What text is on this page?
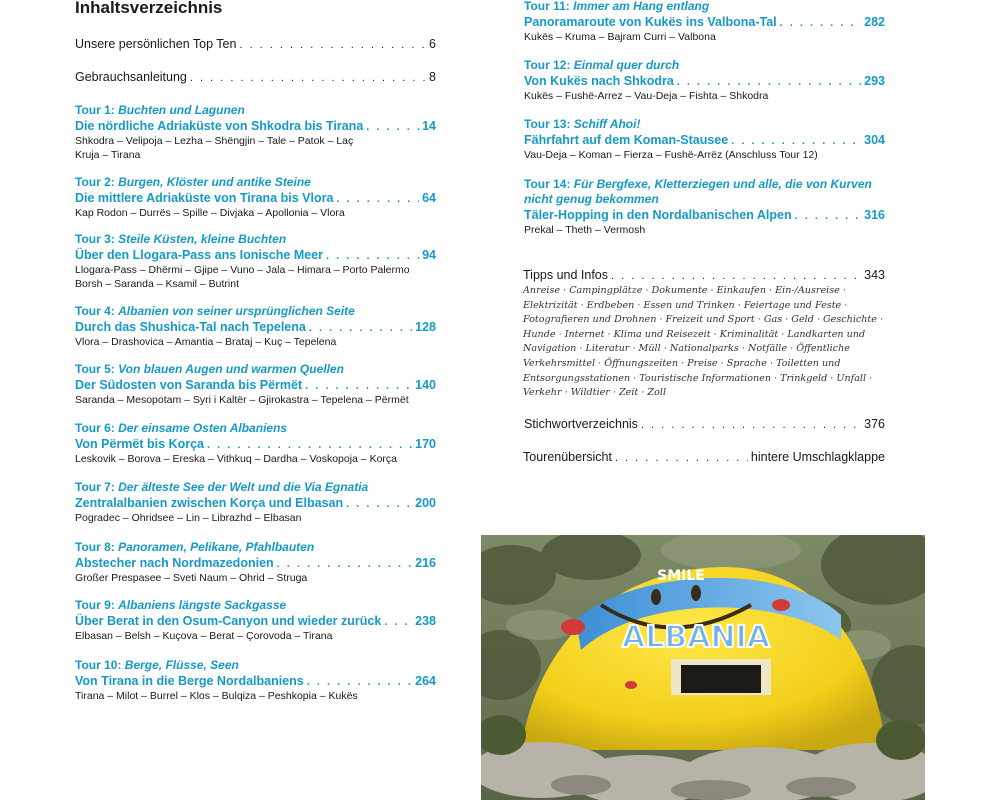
Inhaltsverzeichnis
Unsere persönlichen Top Ten . . .	6
Gebrauchsanleitung . . .	8
Tour 1: Buchten und Lagunen
Die nördliche Adriaküste von Shkodra bis Tirana . . .	14
Shkodra – Velipoja – Lezha – Shëngjin – Tale – Patok – Laç
Kruja – Tirana
Tour 2: Burgen, Klöster und antike Steine
Die mittlere Adriaküste von Tirana bis Vlora . . .	64
Kap Rodon – Durrës – Spille – Divjaka – Apollonia – Vlora
Tour 3: Steile Küsten, kleine Buchten
Über den Llogara-Pass ans Ionische Meer . . .	94
Llogara-Pass – Dhërmi – Gjipe – Vuno – Jala – Himara – Porto Palermo
Borsh – Saranda – Ksamil – Butrint
Tour 4: Albanien von seiner ursprünglichen Seite
Durch das Shushica-Tal nach Tepelena . . .	128
Vlora – Drashovica – Amantia – Brataj – Kuç – Tepelena
Tour 5: Von blauen Augen und warmen Quellen
Der Südosten von Saranda bis Përmët . . .	140
Saranda – Mesopotam – Syri i Kaltër – Gjirokastra – Tepelena – Përmët
Tour 6: Der einsame Osten Albaniens
Von Përmët bis Korça . . .	170
Leskovik – Borova – Ereska – Vithkuq – Dardha – Voskopoja – Korça
Tour 7: Der älteste See der Welt und die Via Egnatia
Zentralalbanien zwischen Korça und Elbasan . . .	200
Pogradec – Ohridsee – Lin – Librazhd – Elbasan
Tour 8: Panoramen, Pelikane, Pfahlbauten
Abstecher nach Nordmazedonien . . .	216
Großer Prespasee – Sveti Naum – Ohrid – Struga
Tour 9: Albaniens längste Sackgasse
Über Berat in den Osum-Canyon und wieder zurück . . .	238
Elbasan – Belsh – Kuçova – Berat – Çorovoda – Tirana
Tour 10: Berge, Flüsse, Seen
Von Tirana in die Berge Nordalbaniens . . .	264
Tirana – Milot – Burrel – Klos – Bulqiza – Peshkopia – Kukës
Tour 11: Immer am Hang entlang
Panoramaroute von Kukës ins Valbona-Tal . . .	282
Kukës – Kruma – Bajram Curri – Valbona
Tour 12: Einmal quer durch
Von Kukës nach Shkodra . . .	293
Kukës – Fushë-Arrez – Vau-Deja – Fishta – Shkodra
Tour 13: Schiff Ahoi!
Fährfahrt auf dem Koman-Stausee . . .	304
Vau-Deja – Koman – Fierza – Fushë-Arrëz (Anschluss Tour 12)
Tour 14: Für Bergfexe, Kletterziegen und alle, die von Kurven
nicht genug bekommen
Täler-Hopping in den Nordalbanischen Alpen . . .	316
Prekal – Theth – Vermosh
Tipps und Infos . . .	343
Anreise · Campingplätze · Dokumente · Einkaufen · Ein-/Ausreise · Elektrizität · Erdbeben · Essen und Trinken · Feiertage und Feste · Fotografieren und Drohnen · Freizeit und Sport · Gas · Geld · Geschichte · Hunde · Internet · Klima und Reisezeit · Kriminalität · Landkarten und Navigation · Literatur · Müll · Nationalparks · Notfälle · Öffentliche Verkehrsmittel · Öffnungszeiten · Preise · Sprache · Toiletten und Entsorgungsstationen · Touristische Informationen · Trinkgeld · Unfall · Verkehr · Wildtier · Zeit · Zoll
Stichwortverzeichnis . . .	376
Tourenübersicht . . .	hintere Umschlagklappe
ALBANIA
SMILE
